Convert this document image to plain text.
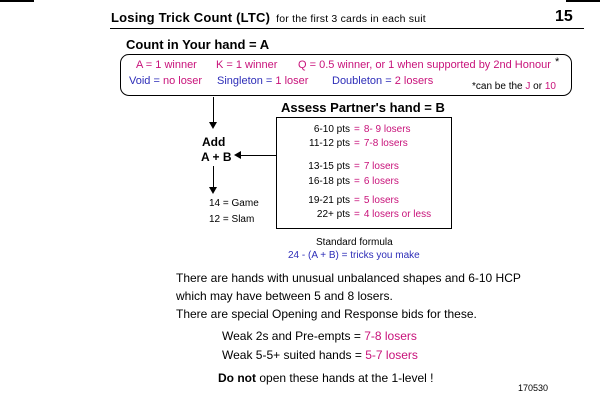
Losing Trick Count (LTC) for the first 3 cards in each suit	15
Count in Your hand = A
A = 1 winner K = 1 winner Q = 0.5 winner, or 1 when supported by 2nd Honour *
Void = no loser Singleton = 1 loser Doubleton = 2 losers	*can be the J or 10
Add
A + B
14 = Game
12 = Slam
Assess Partner's hand = B
6-10 pts = 8- 9 losers
11-12 pts = 7-8 losers
13-15 pts = 7 losers
16-18 pts = 6 losers
19-21 pts = 5 losers
22+ pts = 4 losers or less
Standard formula
24 - (A + B) = tricks you make
There are hands with unusual unbalanced shapes and 6-10 HCP
which may have between 5 and 8 losers.
There are special Opening and Response bids for these.
Weak 2s and Pre-empts = 7-8 losers
Weak 5-5+ suited hands = 5-7 losers
Do not open these hands at the 1-level !
170530
